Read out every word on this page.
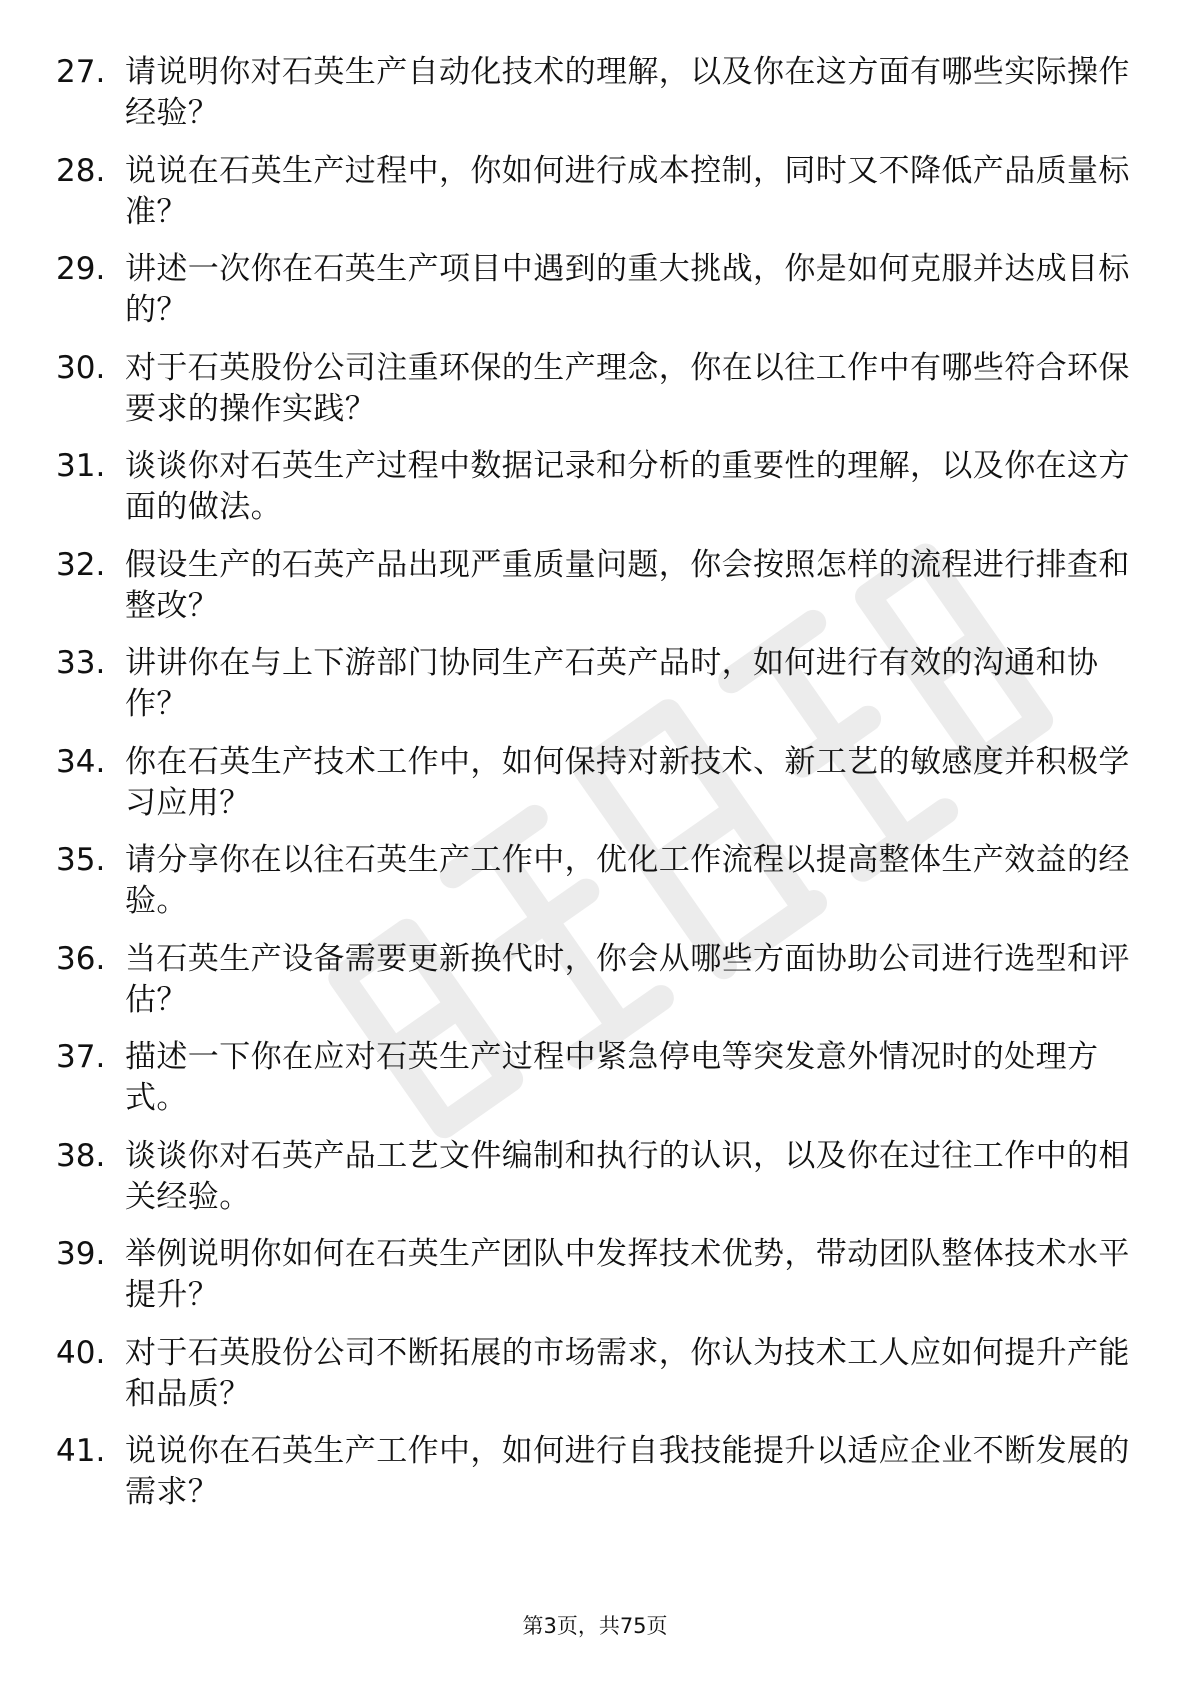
27. 请说明你对石英生产自动化技术的理解，以及你在这方面有哪些实际操作经验？
28. 说说在石英生产过程中，你如何进行成本控制，同时又不降低产品质量标准？
29. 讲述一次你在石英生产项目中遇到的重大挑战，你是如何克服并达成目标的？
30. 对于石英股份公司注重环保的生产理念，你在以往工作中有哪些符合环保要求的操作实践？
31. 谈谈你对石英生产过程中数据记录和分析的重要性的理解，以及你在这方面的做法。
32. 假设生产的石英产品出现严重质量问题，你会按照怎样的流程进行排查和整改？
33. 讲讲你在与上下游部门协同生产石英产品时，如何进行有效的沟通和协作？
34. 你在石英生产技术工作中，如何保持对新技术、新工艺的敏感度并积极学习应用？
35. 请分享你在以往石英生产工作中，优化工作流程以提高整体生产效益的经验。
36. 当石英生产设备需要更新换代时，你会从哪些方面协助公司进行选型和评估？
37. 描述一下你在应对石英生产过程中紧急停电等突发意外情况时的处理方式。
38. 谈谈你对石英产品工艺文件编制和执行的认识，以及你在过往工作中的相关经验。
39. 举例说明你如何在石英生产团队中发挥技术优势，带动团队整体技术水平提升？
40. 对于石英股份公司不断拓展的市场需求，你认为技术工人应如何提升产能和品质？
41. 说说你在石英生产工作中，如何进行自我技能提升以适应企业不断发展的需求？
第3页，共75页
